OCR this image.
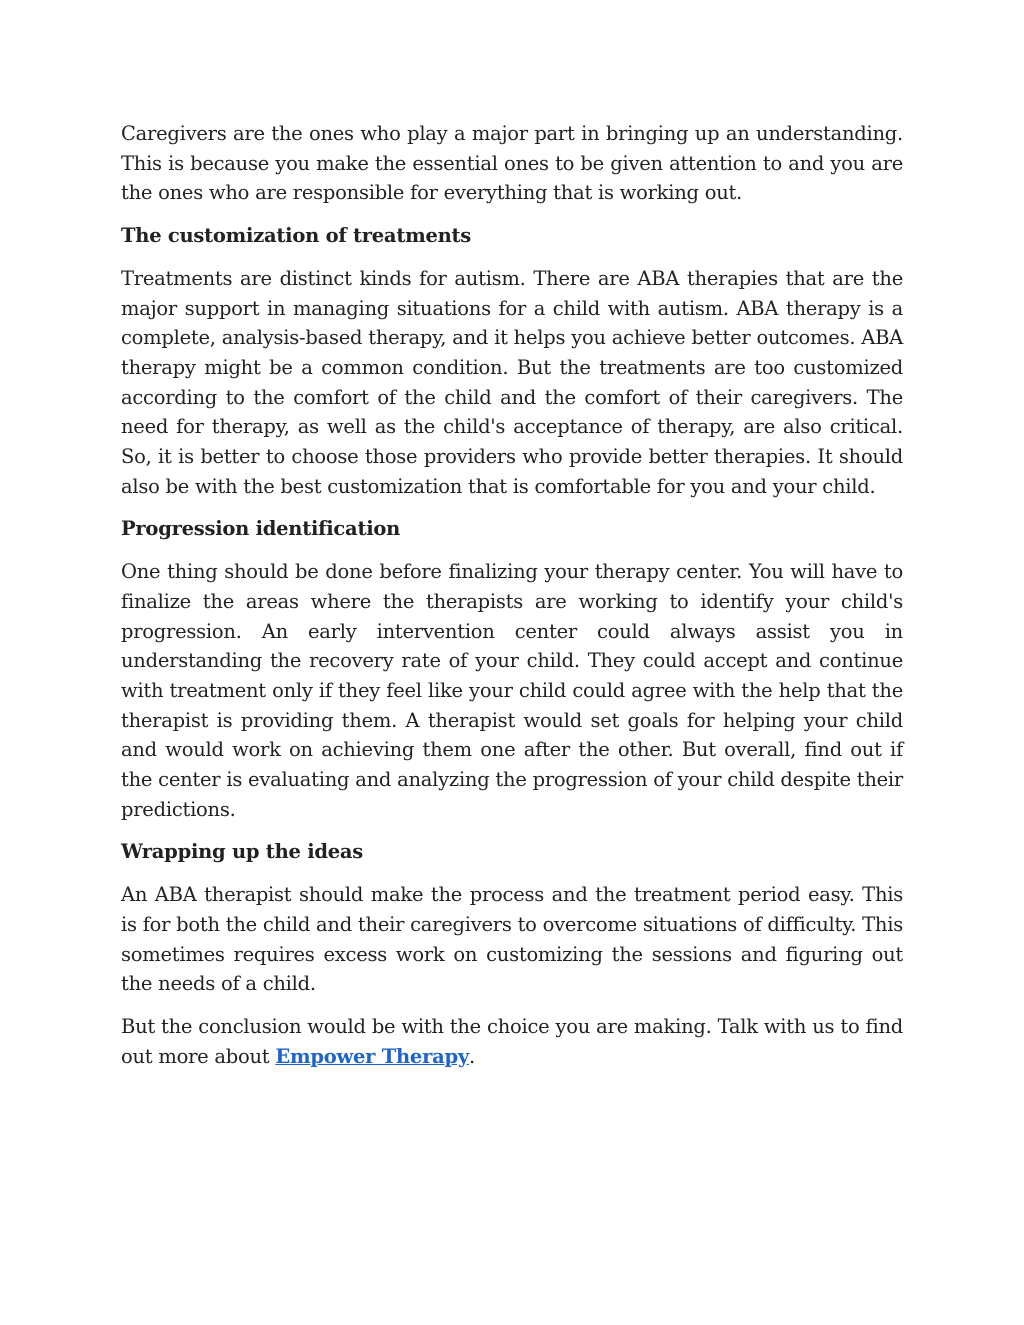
Caregivers are the ones who play a major part in bringing up an understanding. This is because you make the essential ones to be given attention to and you are the ones who are responsible for everything that is working out.

The customization of treatments

Treatments are distinct kinds for autism. There are ABA therapies that are the major support in managing situations for a child with autism. ABA therapy is a complete, analysis-based therapy, and it helps you achieve better outcomes. ABA therapy might be a common condition. But the treatments are too customized according to the comfort of the child and the comfort of their caregivers. The need for therapy, as well as the child's acceptance of therapy, are also critical. So, it is better to choose those providers who provide better therapies. It should also be with the best customization that is comfortable for you and your child.

Progression identification

One thing should be done before finalizing your therapy center. You will have to finalize the areas where the therapists are working to identify your child's progression. An early intervention center could always assist you in understanding the recovery rate of your child. They could accept and continue with treatment only if they feel like your child could agree with the help that the therapist is providing them. A therapist would set goals for helping your child and would work on achieving them one after the other. But overall, find out if the center is evaluating and analyzing the progression of your child despite their predictions.

Wrapping up the ideas

An ABA therapist should make the process and the treatment period easy. This is for both the child and their caregivers to overcome situations of difficulty. This sometimes requires excess work on customizing the sessions and figuring out the needs of a child.

But the conclusion would be with the choice you are making. Talk with us to find out more about Empower Therapy.
